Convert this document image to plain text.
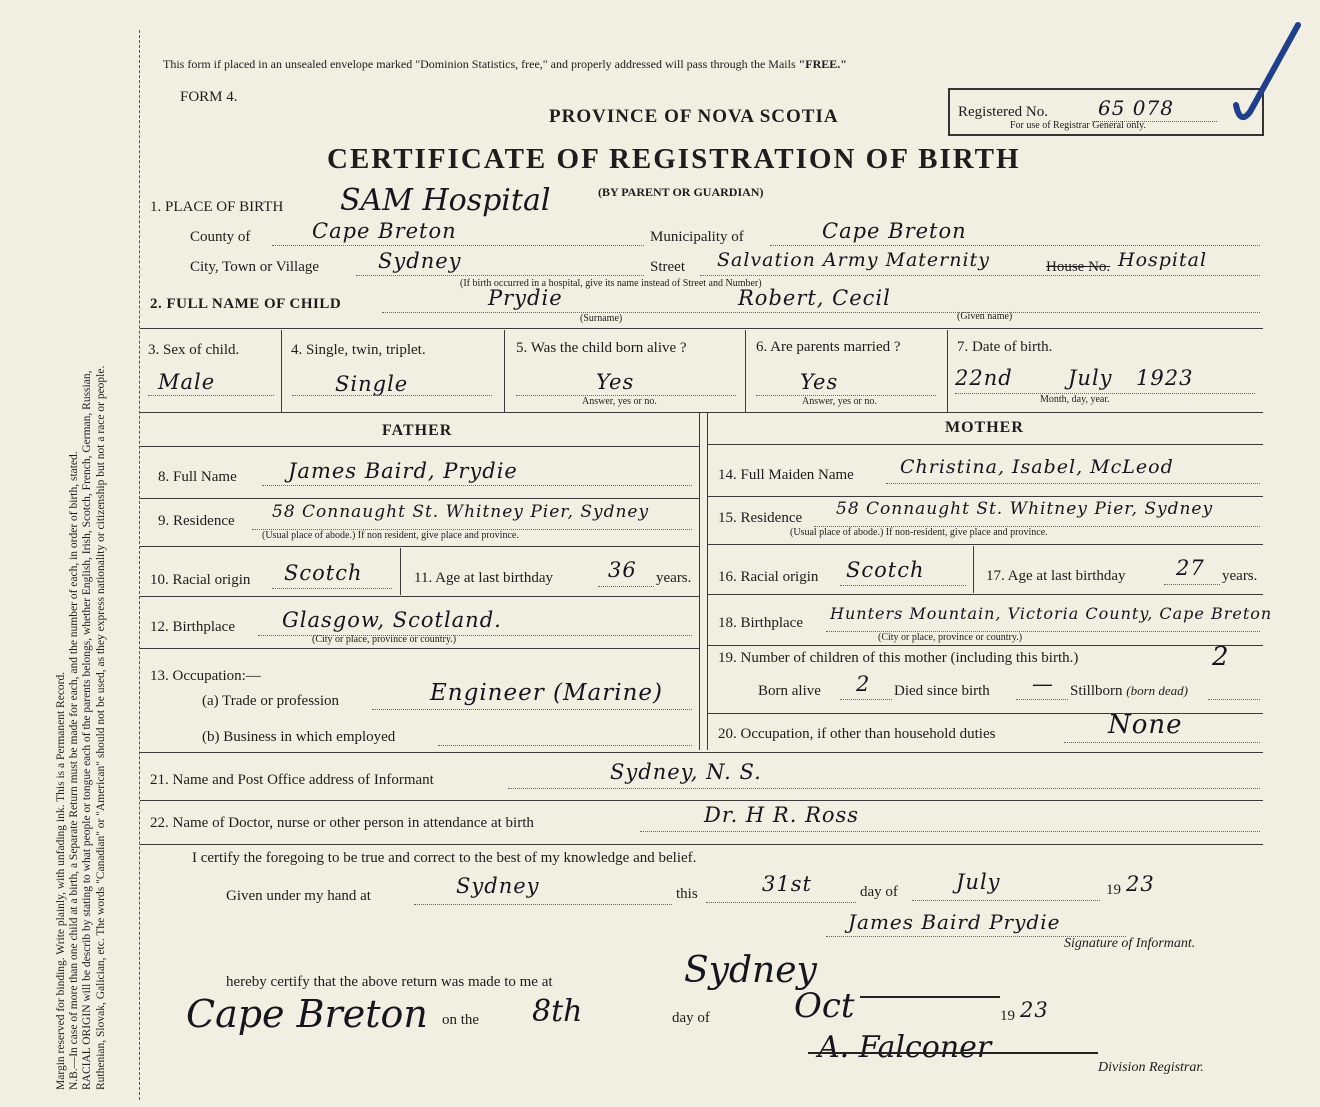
Margin reserved for binding. Write plainly, with unfading ink. This is a Permanent Record. N.B.—In case of more than one child at a birth, a Separate Return must be made for each, and the number of each, in order of birth, stated. RACIAL ORIGIN will be describ by stating to what people or tongue each of the parents belongs, whether English, Irish, Scotch, French, German, Russian, Ruthenian, Slovak, Galician, etc. The words "Canadian" or "American" should not be used, as they express nationality or citizenship but not a race or people.
This form if placed in an unsealed envelope marked "Dominion Statistics, free," and properly addressed will pass through the Mails "FREE."
FORM 4.
PROVINCE OF NOVA SCOTIA	Registered No.	65 078
For use of Registrar General only.
CERTIFICATE OF REGISTRATION OF BIRTH
1. PLACE OF BIRTH SAM Hospital	(BY PARENT OR GUARDIAN)
County of	Cape Breton	Municipality of	Cape Breton
City, Town or Village	Sydney	Street Salvation Army Maternity	House No. Hospital
(If birth occurred in a hospital, give its name instead of Street and Number)
2. FULL NAME OF CHILD	Prydie
(Surname)
Robert, Cecil
(Given name)
3. Sex of child.
Male
4. Single, twin, triplet.
Single
5. Was the child born alive ?
Yes
Answer, yes or no.
6. Are parents married ?
Yes
Answer, yes or no.
7. Date of birth.
22nd	July 1923
Month, day, year.
FATHER	MOTHER
8. Full Name James Baird, Prydie
9. Residence 58 Connaught St. Whitney Pier, Sydney
(Usual place of abode.) If non resident, give place and province.
10. Racial origin Scotch	11. Age at last birthday	36 years.
12. Birthplace Glasgow, Scotland.
(City or place, province or country.)
13. Occupation:—
(a) Trade or profession	Engineer (Marine)
(b) Business in which employed
14. Full Maiden Name Christina, Isabel, McLeod
15. Residence 58 Connaught St. Whitney Pier, Sydney
(Usual place of abode.) If non-resident, give place and province.
16. Racial origin Scotch	17. Age at last birthday 27 years.
18. Birthplace Hunters Mountain, Victoria County, Cape Breton
(City or place, province or country.)
19. Number of children of this mother (including this birth.)	2
Born alive 2 Died since birth — Stillborn (born dead)
20. Occupation, if other than household duties	None
21. Name and Post Office address of Informant	Sydney, N. S.
22. Name of Doctor, nurse or other person in attendance at birth	Dr. H R. Ross
I certify the foregoing to be true and correct to the best of my knowledge and belief.
Given under my hand at	Sydney	this	31st	day of	July	19 23
James Baird Prydie
Signature of Informant.
hereby certify that the above return was made to me at	Sydney
Cape Breton on the 8th	day of Oct	19 23
A. Falconer
Division Registrar.
